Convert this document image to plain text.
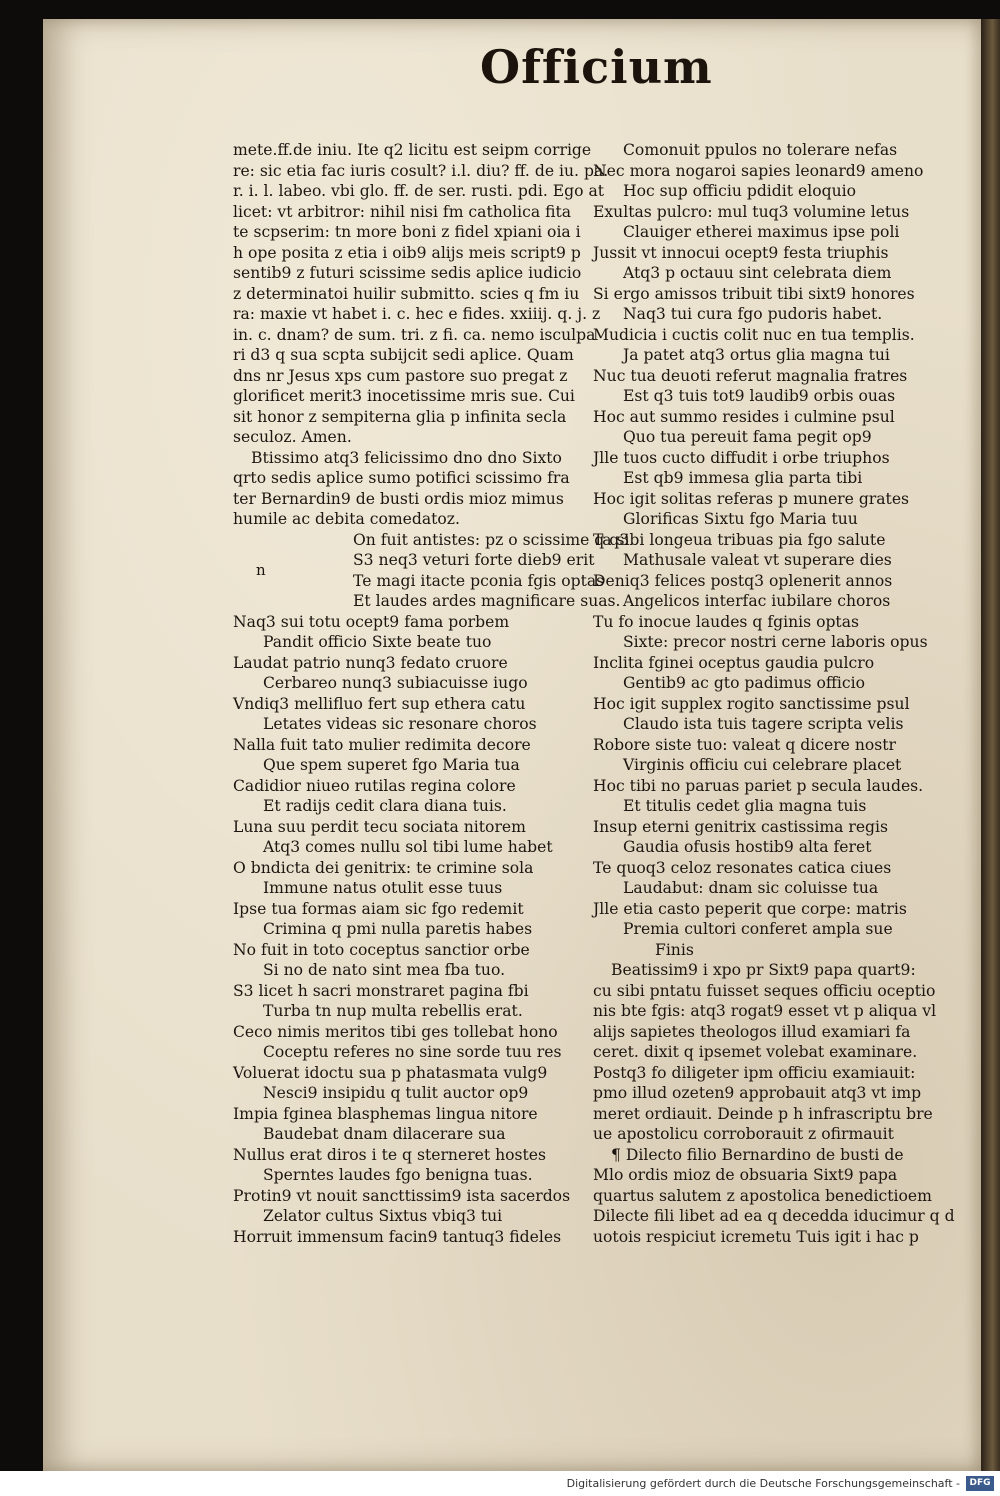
Officium
n
mete.ff.de iniu. Ite q2 licitu est seipm corrige
re: sic etia fac iuris cosult? i.l. diu? ff. de iu. pa.
r. i. l. labeo. vbi glo. ff. de ser. rusti. pdi. Ego at
licet: vt arbitror: nihil nisi fm catholica fita
te scpserim: tn more boni z fidel xpiani oia i
h ope posita z etia i oib9 alijs meis script9 p
sentib9 z futuri scissime sedis aplice iudicio
z determinatoi huilir submitto. scies q fm iu
ra: maxie vt habet i. c. hec e fides. xxiiij. q. j. z
in. c. dnam? de sum. tri. z fi. ca. nemo isculpa
ri d3 q sua scpta subijcit sedi aplice. Quam
dns nr Jesus xps cum pastore suo pregat z
glorificet merit3 inocetissime mris sue. Cui
sit honor z sempiterna glia p infinita secla
seculoz. Amen.
Btissimo atq3 felicissimo dno dno Sixto
qrto sedis aplice sumo potifici scissimo fra
ter Bernardin9 de busti ordis mioz mimus
humile ac debita comedatoz.
On fuit antistes: pz o scissime q q3
S3 neq3 veturi forte dieb9 erit
Te magi itacte pconia fgis optas
Et laudes ardes magnificare suas.
Naq3 sui totu ocept9 fama porbem
Pandit officio Sixte beate tuo
Laudat patrio nunq3 fedato cruore
Cerbareo nunq3 subiacuisse iugo
Vndiq3 mellifluo fert sup ethera catu
Letates videas sic resonare choros
Nalla fuit tato mulier redimita decore
Que spem superet fgo Maria tua
Cadidior niueo rutilas regina colore
Et radijs cedit clara diana tuis.
Luna suu perdit tecu sociata nitorem
Atq3 comes nullu sol tibi lume habet
O bndicta dei genitrix: te crimine sola
Immune natus otulit esse tuus
Ipse tua formas aiam sic fgo redemit
Crimina q pmi nulla paretis habes
No fuit in toto coceptus sanctior orbe
Si no de nato sint mea fba tuo.
S3 licet h sacri monstraret pagina fbi
Turba tn nup multa rebellis erat.
Ceco nimis meritos tibi ges tollebat hono
Coceptu referes no sine sorde tuu res
Voluerat idoctu sua p phatasmata vulg9
Nesci9 insipidu q tulit auctor op9
Impia fginea blasphemas lingua nitore
Baudebat dnam dilacerare sua
Nullus erat diros i te q sterneret hostes
Sperntes laudes fgo benigna tuas.
Protin9 vt nouit sancttissim9 ista sacerdos
Zelator cultus Sixtus vbiq3 tui
Horruit immensum facin9 tantuq3 fideles
Comonuit ppulos no tolerare nefas
Nec mora nogaroi sapies leonard9 ameno
Hoc sup officiu pdidit eloquio
Exultas pulcro: mul tuq3 volumine letus
Clauiger etherei maximus ipse poli
Jussit vt innocui ocept9 festa triuphis
Atq3 p octauu sint celebrata diem
Si ergo amissos tribuit tibi sixt9 honores
Naq3 tui cura fgo pudoris habet.
Mudicia i cuctis colit nuc en tua templis.
Ja patet atq3 ortus glia magna tui
Nuc tua deuoti referut magnalia fratres
Est q3 tuis tot9 laudib9 orbis ouas
Hoc aut summo resides i culmine psul
Quo tua pereuit fama pegit op9
Jlle tuos cucto diffudit i orbe triuphos
Est qb9 immesa glia parta tibi
Hoc igit solitas referas p munere grates
Glorificas Sixtu fgo Maria tuu
Ta sibi longeua tribuas pia fgo salute
Mathusale valeat vt superare dies
Deniq3 felices postq3 oplenerit annos
Angelicos interfac iubilare choros
Tu fo inocue laudes q fginis optas
Sixte: precor nostri cerne laboris opus
Inclita fginei oceptus gaudia pulcro
Gentib9 ac gto padimus officio
Hoc igit supplex rogito sanctissime psul
Claudo ista tuis tagere scripta velis
Robore siste tuo: valeat q dicere nostr
Virginis officiu cui celebrare placet
Hoc tibi no paruas pariet p secula laudes.
Et titulis cedet glia magna tuis
Insup eterni genitrix castissima regis
Gaudia ofusis hostib9 alta feret
Te quoq3 celoz resonates catica ciues
Laudabut: dnam sic coluisse tua
Jlle etia casto peperit que corpe: matris
Premia cultori conferet ampla sue
Finis
Beatissim9 i xpo pr Sixt9 papa quart9:
cu sibi pntatu fuisset seques officiu oceptio
nis bte fgis: atq3 rogat9 esset vt p aliqua vl
alijs sapietes theologos illud examiari fa
ceret. dixit q ipsemet volebat examinare.
Postq3 fo diligeter ipm officiu examiauit:
pmo illud ozeten9 approbauit atq3 vt imp
meret ordiauit. Deinde p h infrascriptu bre
ue apostolicu corroborauit z ofirmauit
¶ Dilecto filio Bernardino de busti de
Mlo ordis mioz de obsuaria Sixt9 papa
quartus salutem z apostolica benedictioem
Dilecte fili libet ad ea q decedda iducimur q d
uotois respiciut icremetu Tuis igit i hac p
Digitalisierung gefördert durch die Deutsche Forschungsgemeinschaft -	DFG
